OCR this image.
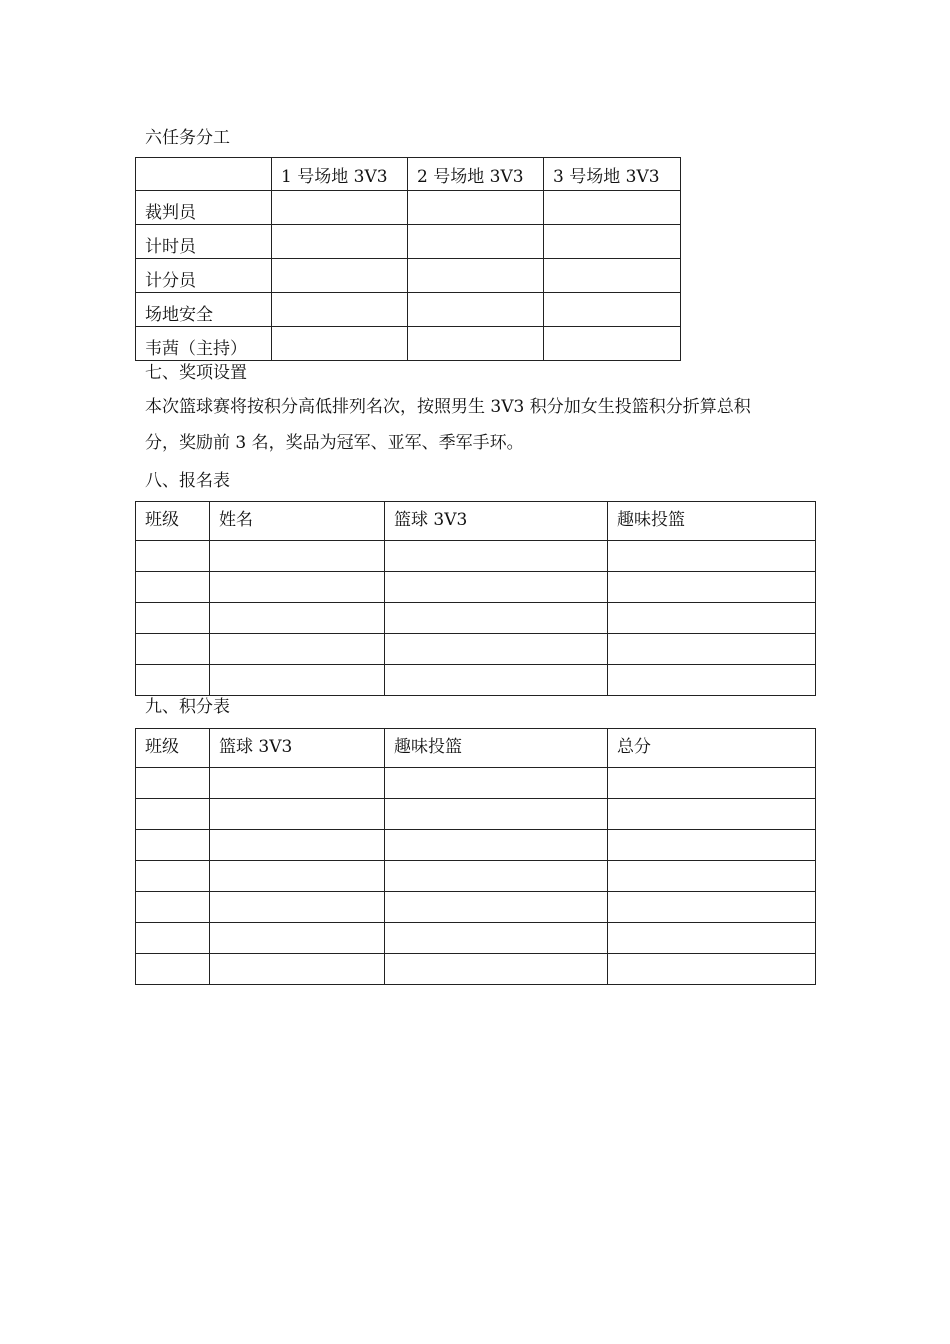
六任务分工
	1 号场地 3V3	2 号场地 3V3	3 号场地 3V3
裁判员			
计时员			
计分员			
场地安全			
韦茜（主持）			
七、奖项设置
本次篮球赛将按积分高低排列名次，按照男生 3V3 积分加女生投篮积分折算总积
分，奖励前 3 名，奖品为冠军、亚军、季军手环。
八、报名表
班级	姓名	篮球 3V3	趣味投篮

九、积分表
班级	篮球 3V3	趣味投篮	总分
